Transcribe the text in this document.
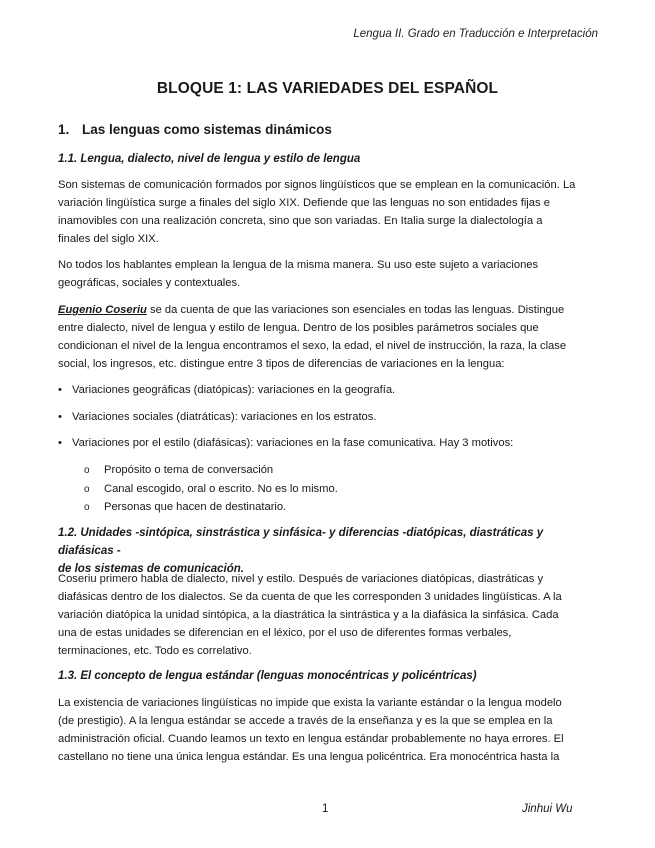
Lengua II. Grado en Traducción e Interpretación
BLOQUE 1: LAS VARIEDADES DEL ESPAÑOL
1. Las lenguas como sistemas dinámicos
1.1. Lengua, dialecto, nivel de lengua y estilo de lengua
Son sistemas de comunicación formados por signos lingüísticos que se emplean en la comunicación. La
variación lingüística surge a finales del siglo XIX. Defiende que las lenguas no son entidades fijas e
inamovibles con una realización concreta, sino que son variadas. En Italia surge la dialectología a
finales del siglo XIX.
No todos los hablantes emplean la lengua de la misma manera. Su uso este sujeto a variaciones
geográficas, sociales y contextuales.
Eugenio Coseriu se da cuenta de que las variaciones son esenciales en todas las lenguas. Distingue
entre dialecto, nivel de lengua y estilo de lengua. Dentro de los posibles parámetros sociales que
condicionan el nivel de la lengua encontramos el sexo, la edad, el nivel de instrucción, la raza, la clase
social, los ingresos, etc. distingue entre 3 tipos de diferencias de variaciones en la lengua:
• Variaciones geográficas (diatópicas): variaciones en la geografía.
• Variaciones sociales (diatráticas): variaciones en los estratos.
• Variaciones por el estilo (diafásicas): variaciones en la fase comunicativa. Hay 3 motivos:
o Propósito o tema de conversación
o Canal escogido, oral o escrito. No es lo mismo.
o Personas que hacen de destinatario.
1.2. Unidades -sintópica, sinstrástica y sinfásica- y diferencias -diatópicas, diastráticas y diafásicas -
de los sistemas de comunicación.
Coseriu primero habla de dialecto, nivel y estilo. Después de variaciones diatópicas, diastráticas y
diafásicas dentro de los dialectos. Se da cuenta de que les corresponden 3 unidades lingüísticas. A la
variación diatópica la unidad sintópica, a la diastrática la sintrástica y a la diafásica la sinfásica. Cada
una de estas unidades se diferencian en el léxico, por el uso de diferentes formas verbales,
terminaciones, etc. Todo es correlativo.
1.3. El concepto de lengua estándar (lenguas monocéntricas y policéntricas)
La existencia de variaciones lingüísticas no impide que exista la variante estándar o la lengua modelo
(de prestigio). A la lengua estándar se accede a través de la enseñanza y es la que se emplea en la
administración oficial. Cuando leamos un texto en lengua estándar probablemente no haya errores. El
castellano no tiene una única lengua estándar. Es una lengua policéntrica. Era monocéntrica hasta la
1	Jinhui Wu
